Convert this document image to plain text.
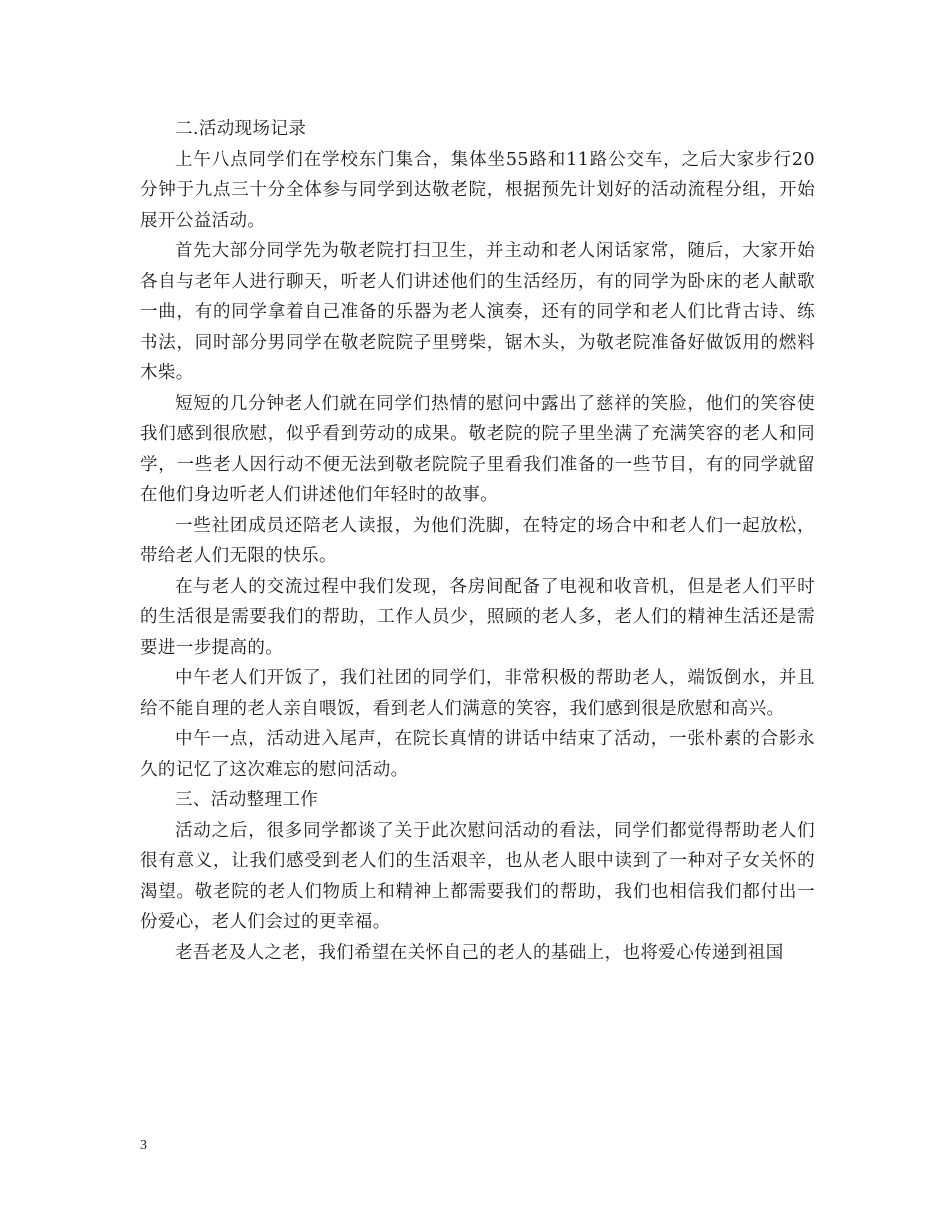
二.活动现场记录

上午八点同学们在学校东门集合，集体坐55路和11路公交车，之后大家步行20分钟于九点三十分全体参与同学到达敬老院，根据预先计划好的活动流程分组，开始展开公益活动。

首先大部分同学先为敬老院打扫卫生，并主动和老人闲话家常，随后，大家开始各自与老年人进行聊天，听老人们讲述他们的生活经历，有的同学为卧床的老人献歌一曲，有的同学拿着自己准备的乐器为老人演奏，还有的同学和老人们比背古诗、练书法，同时部分男同学在敬老院院子里劈柴，锯木头，为敬老院准备好做饭用的燃料木柴。

短短的几分钟老人们就在同学们热情的慰问中露出了慈祥的笑脸，他们的笑容使我们感到很欣慰，似乎看到劳动的成果。敬老院的院子里坐满了充满笑容的老人和同学，一些老人因行动不便无法到敬老院院子里看我们准备的一些节目，有的同学就留在他们身边听老人们讲述他们年轻时的故事。

一些社团成员还陪老人读报，为他们洗脚，在特定的场合中和老人们一起放松，带给老人们无限的快乐。

在与老人的交流过程中我们发现，各房间配备了电视和收音机，但是老人们平时的生活很是需要我们的帮助，工作人员少，照顾的老人多，老人们的精神生活还是需要进一步提高的。

中午老人们开饭了，我们社团的同学们，非常积极的帮助老人，端饭倒水，并且给不能自理的老人亲自喂饭，看到老人们满意的笑容，我们感到很是欣慰和高兴。

中午一点，活动进入尾声，在院长真情的讲话中结束了活动，一张朴素的合影永久的记忆了这次难忘的慰问活动。

三、活动整理工作

活动之后，很多同学都谈了关于此次慰问活动的看法，同学们都觉得帮助老人们很有意义，让我们感受到老人们的生活艰辛，也从老人眼中读到了一种对子女关怀的渴望。敬老院的老人们物质上和精神上都需要我们的帮助，我们也相信我们都付出一份爱心，老人们会过的更幸福。

老吾老及人之老，我们希望在关怀自己的老人的基础上，也将爱心传递到祖国

3
